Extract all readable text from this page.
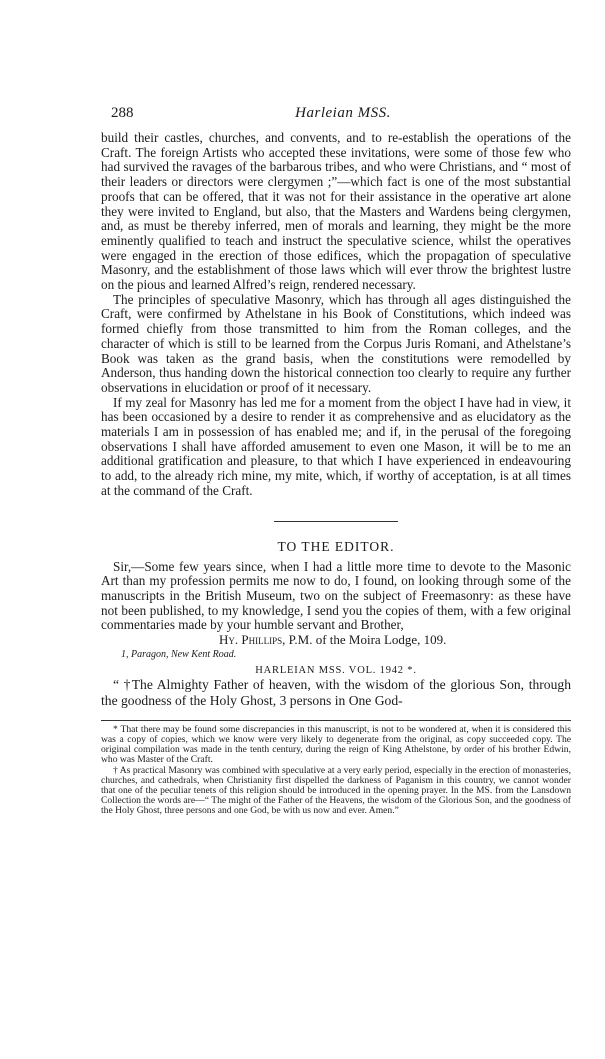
288	Harleian MSS.

build their castles, churches, and convents, and to re-establish the operations of the Craft. The foreign Artists who accepted these invitations, were some of those few who had survived the ravages of the barbarous tribes, and who were Christians, and “ most of their leaders or directors were clergymen ;”—which fact is one of the most substantial proofs that can be offered, that it was not for their assistance in the operative art alone they were invited to England, but also, that the Masters and Wardens being clergymen, and, as must be thereby inferred, men of morals and learning, they might be the more eminently qualified to teach and instruct the speculative science, whilst the operatives were engaged in the erection of those edifices, which the propagation of speculative Masonry, and the establishment of those laws which will ever throw the brightest lustre on the pious and learned Alfred’s reign, rendered necessary.

The principles of speculative Masonry, which has through all ages distinguished the Craft, were confirmed by Athelstane in his Book of Constitutions, which indeed was formed chiefly from those transmitted to him from the Roman colleges, and the character of which is still to be learned from the Corpus Juris Romani, and Athelstane’s Book was taken as the grand basis, when the constitutions were remodelled by Anderson, thus handing down the historical connection too clearly to require any further observations in elucidation or proof of it necessary.

If my zeal for Masonry has led me for a moment from the object I have had in view, it has been occasioned by a desire to render it as comprehensive and as elucidatory as the materials I am in possession of has enabled me; and if, in the perusal of the foregoing observations I shall have afforded amusement to even one Mason, it will be to me an additional gratification and pleasure, to that which I have experienced in endeavouring to add, to the already rich mine, my mite, which, if worthy of acceptation, is at all times at the command of the Craft.

TO THE EDITOR.

Sir,—Some few years since, when I had a little more time to devote to the Masonic Art than my profession permits me now to do, I found, on looking through some of the manuscripts in the British Museum, two on the subject of Freemasonry: as these have not been published, to my knowledge, I send you the copies of them, with a few original commentaries made by your humble servant and Brother,

Hy. Phillips, P.M. of the Moira Lodge, 109.

1, Paragon, New Kent Road.

HARLEIAN MSS. VOL. 1942 *.

“ †The Almighty Father of heaven, with the wisdom of the glorious Son, through the goodness of the Holy Ghost, 3 persons in One God-

* That there may be found some discrepancies in this manuscript, is not to be wondered at, when it is considered this was a copy of copies, which we know were very likely to degenerate from the original, as copy succeeded copy. The original compilation was made in the tenth century, during the reign of King Athelstone, by order of his brother Edwin, who was Master of the Craft.

† As practical Masonry was combined with speculative at a very early period, especially in the erection of monasteries, churches, and cathedrals, when Christianity first dispelled the darkness of Paganism in this country, we cannot wonder that one of the peculiar tenets of this religion should be introduced in the opening prayer. In the MS. from the Lansdown Collection the words are—“ The might of the Father of the Heavens, the wisdom of the Glorious Son, and the goodness of the Holy Ghost, three persons and one God, be with us now and ever. Amen.”
